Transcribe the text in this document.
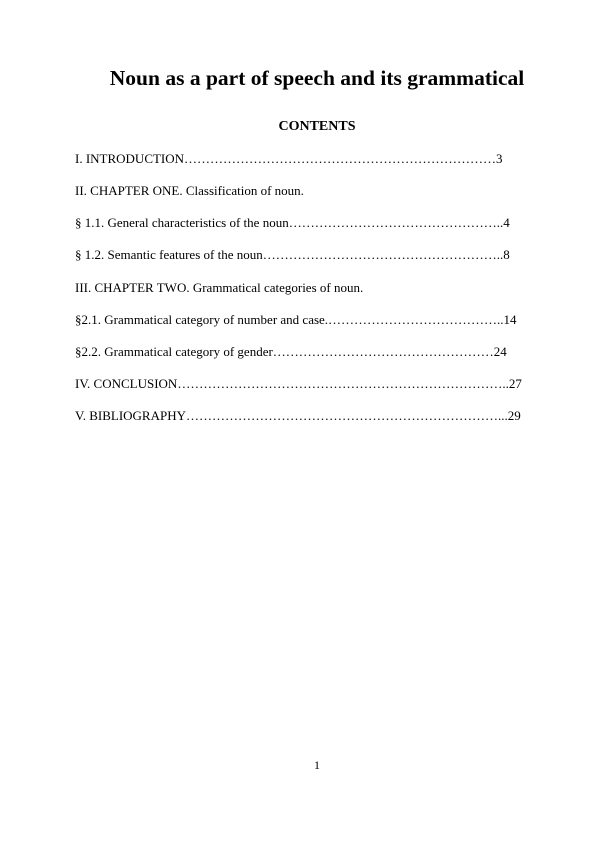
Noun as a part of speech and its grammatical
CONTENTS
I. INTRODUCTION………………………………………………………………3
II. CHAPTER ONE. Classification of noun.
§ 1.1. General characteristics of the noun…………………………………………..4
§ 1.2. Semantic features of the noun………………………………………………..8
III. CHAPTER TWO. Grammatical categories of noun.
§2.1. Grammatical category of number and case.…………………………………..14
§2.2. Grammatical category of gender……………………………………………24
IV. CONCLUSION…………………………………………………………………..27
V. BIBLIOGRAPHY………………………………………………………………...29
1
